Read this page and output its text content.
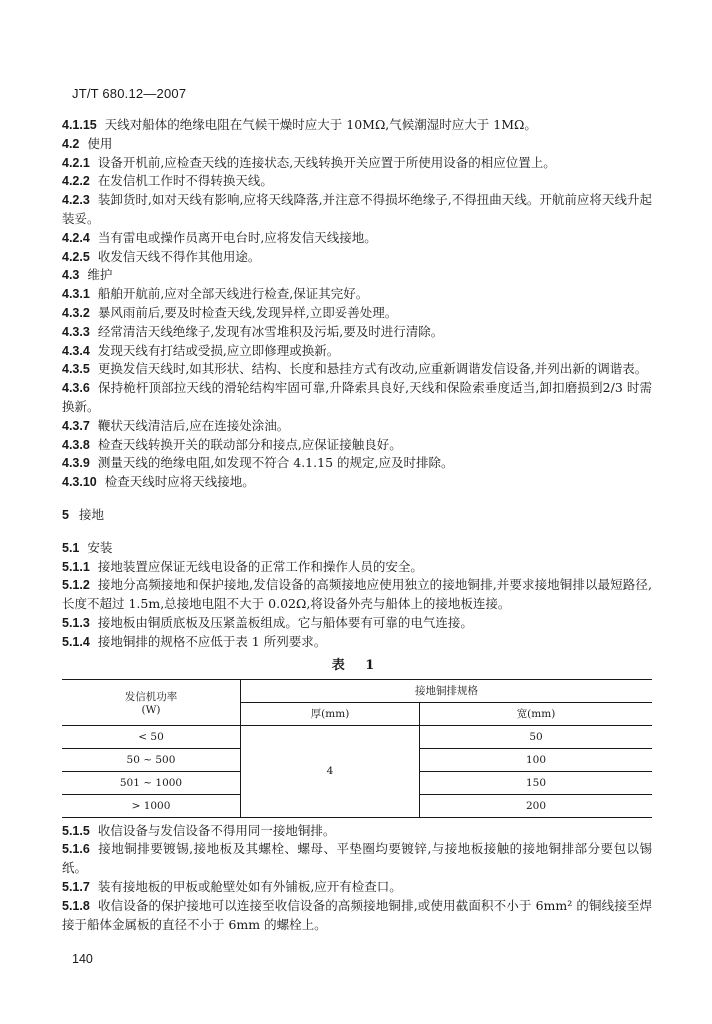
JT/T 680.12—2007

4.1.15 天线对船体的绝缘电阻在气候干燥时应大于 10MΩ,气候潮湿时应大于 1MΩ。

4.2 使用

4.2.1 设备开机前,应检查天线的连接状态,天线转换开关应置于所使用设备的相应位置上。

4.2.2 在发信机工作时不得转换天线。

4.2.3 装卸货时,如对天线有影响,应将天线降落,并注意不得损坏绝缘子,不得扭曲天线。开航前应将天线升起装妥。

4.2.4 当有雷电或操作员离开电台时,应将发信天线接地。

4.2.5 收发信天线不得作其他用途。

4.3 维护

4.3.1 船舶开航前,应对全部天线进行检查,保证其完好。

4.3.2 暴风雨前后,要及时检查天线,发现异样,立即妥善处理。

4.3.3 经常清洁天线绝缘子,发现有冰雪堆积及污垢,要及时进行清除。

4.3.4 发现天线有打结或受损,应立即修理或换新。

4.3.5 更换发信天线时,如其形状、结构、长度和悬挂方式有改动,应重新调谐发信设备,并列出新的调谐表。

4.3.6 保持桅杆顶部拉天线的滑轮结构牢固可靠,升降索具良好,天线和保险索垂度适当,卸扣磨损到2/3 时需换新。

4.3.7 鞭状天线清洁后,应在连接处涂油。

4.3.8 检查天线转换开关的联动部分和接点,应保证接触良好。

4.3.9 测量天线的绝缘电阻,如发现不符合 4.1.15 的规定,应及时排除。

4.3.10 检查天线时应将天线接地。

5 接地

5.1 安装

5.1.1 接地装置应保证无线电设备的正常工作和操作人员的安全。

5.1.2 接地分高频接地和保护接地,发信设备的高频接地应使用独立的接地铜排,并要求接地铜排以最短路径,长度不超过 1.5m,总接地电阻不大于 0.02Ω,将设备外壳与船体上的接地板连接。

5.1.3 接地板由铜质底板及压紧盖板组成。它与船体要有可靠的电气连接。

5.1.4 接地铜排的规格不应低于表 1 所列要求。

表 1
发信机功率
(W)	接地铜排规格	
	厚(mm)	宽(mm)
< 50	4	50
50 ~ 500		100
501 ~ 1000		150
> 1000		200

5.1.5 收信设备与发信设备不得用同一接地铜排。

5.1.6 接地铜排要镀锡,接地板及其螺栓、螺母、平垫圈均要镀锌,与接地板接触的接地铜排部分要包以锡纸。

5.1.7 装有接地板的甲板或舱壁处如有外铺板,应开有检查口。

5.1.8 收信设备的保护接地可以连接至收信设备的高频接地铜排,或使用截面积不小于 6mm² 的铜线接至焊接于船体金属板的直径不小于 6mm 的螺栓上。

140
